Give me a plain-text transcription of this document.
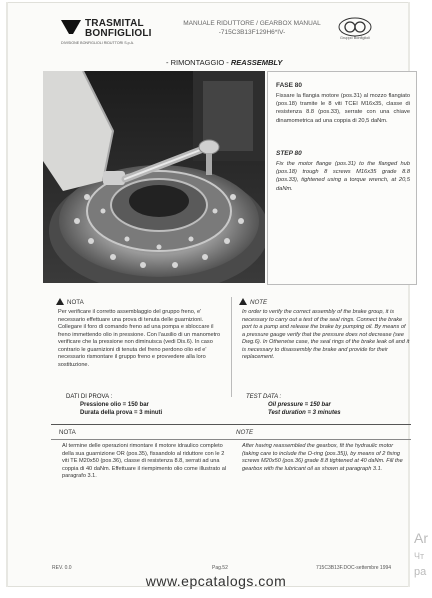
TRASMITAL
BONFIGLIOLI
DIVISIONE BONFIGLIOLI RIDUTTORI S.p.A.
MANUALE RIDUTTORE / GEARBOX MANUAL
-715C3B13F129H6*IV-
Gruppo Bonfiglioli
- RIMONTAGGIO - REASSEMBLY
FASE 80
Fissare la flangia motore (pos.31) al mozzo flangiato (pos.18) tramite le 8 viti TCEI M16x35, classe di resistenza 8.8 (pos.33), serrate con una chiave dinamometrica ad una coppia di 20,5 daNm.
STEP 80
Fix the motor flange (pos.31) to the flanged hub (pos.18) trough 8 screws M16x35 grade 8.8 (pos.33), tightened using a torque wrench, at 20,5 daNm.
NOTA
Per verificare il corretto assemblaggio del gruppo freno, e' necessario effettuare una prova di tenuta delle guarnizioni. Collegare il foro di comando freno ad una pompa e sbloccare il freno immettendo olio in pressione. Con l'ausilio di un manometro verificare che la pressione non diminuisca (vedi Dis.6). In caso contrario le guarnizioni di tenuta del freno perdono olio ed e' necessario rismontare il gruppo freno e provvedere alla loro sostituzione.
NOTE
In order to verify the correct assembly of the brake group, it is necessary to carry out a test of the seal rings. Connect the brake port to a pump and release the brake by pumping oil. By means of a pressure gauge verify that the pressure does not decrease (see Dwg.6). In Otherwise case, the seal rings of the brake leak oil and it is necessary to disassembly the brake and provide for their replacement.
DATI DI PROVA :
Pressione olio = 150 bar
Durata della prova = 3 minuti
TEST DATA :
Oil pressure = 150 bar
Test duration = 3 minutes
NOTA	NOTE
Al termine delle operazioni rimontare il motore idraulico completo della sua guarnizione OR (pos.35), fissandolo al riduttore con le 2 viti TE M20x50 (pos.36), classe di resistenza 8.8, serrati ad una coppia di 40 daNm. Effettuare il riempimento olio come illustrato al paragrafo 3.1.
After having reassembled the gearbox, fit the hydraulic motor (taking care to include the O-ring (pos.35)), by means of 2 fixing screws M20x50 (pos.36) grade 8.8 tightened at 40 daNm. Fill the gearbox with the lubricant oil as shown at paragraph 3.1.
REV. 0.0	Pag.52	715C3B13F.DOC-settembre 1994
www.epcatalogs.com
Ar
Чт
ра
